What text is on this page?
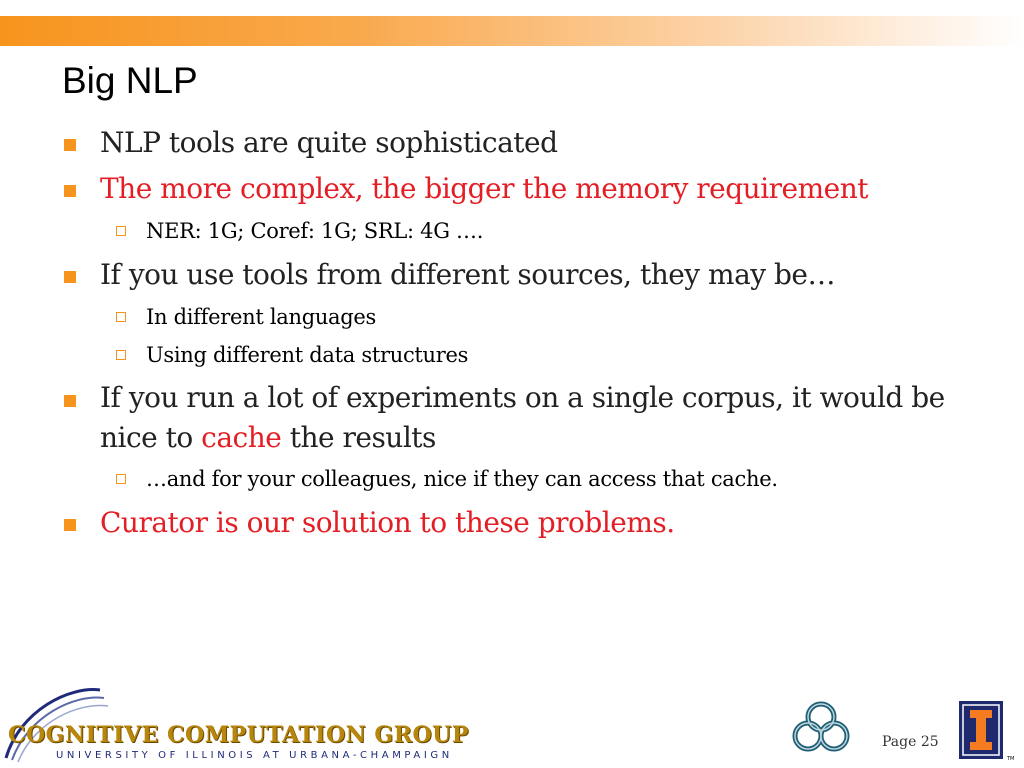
Big NLP
NLP tools are quite sophisticated
The more complex, the bigger the memory requirement
NER: 1G; Coref: 1G; SRL: 4G ….
If you use tools from different sources, they may be…
In different languages
Using different data structures
If you run a lot of experiments on a single corpus, it would be nice to cache the results
…and for your colleagues, nice if they can access that cache.
Curator is our solution to these problems.
COGNITIVE COMPUTATION GROUP
UNIVERSITY OF ILLINOIS AT URBANA-CHAMPAIGN
Page 25
TM
